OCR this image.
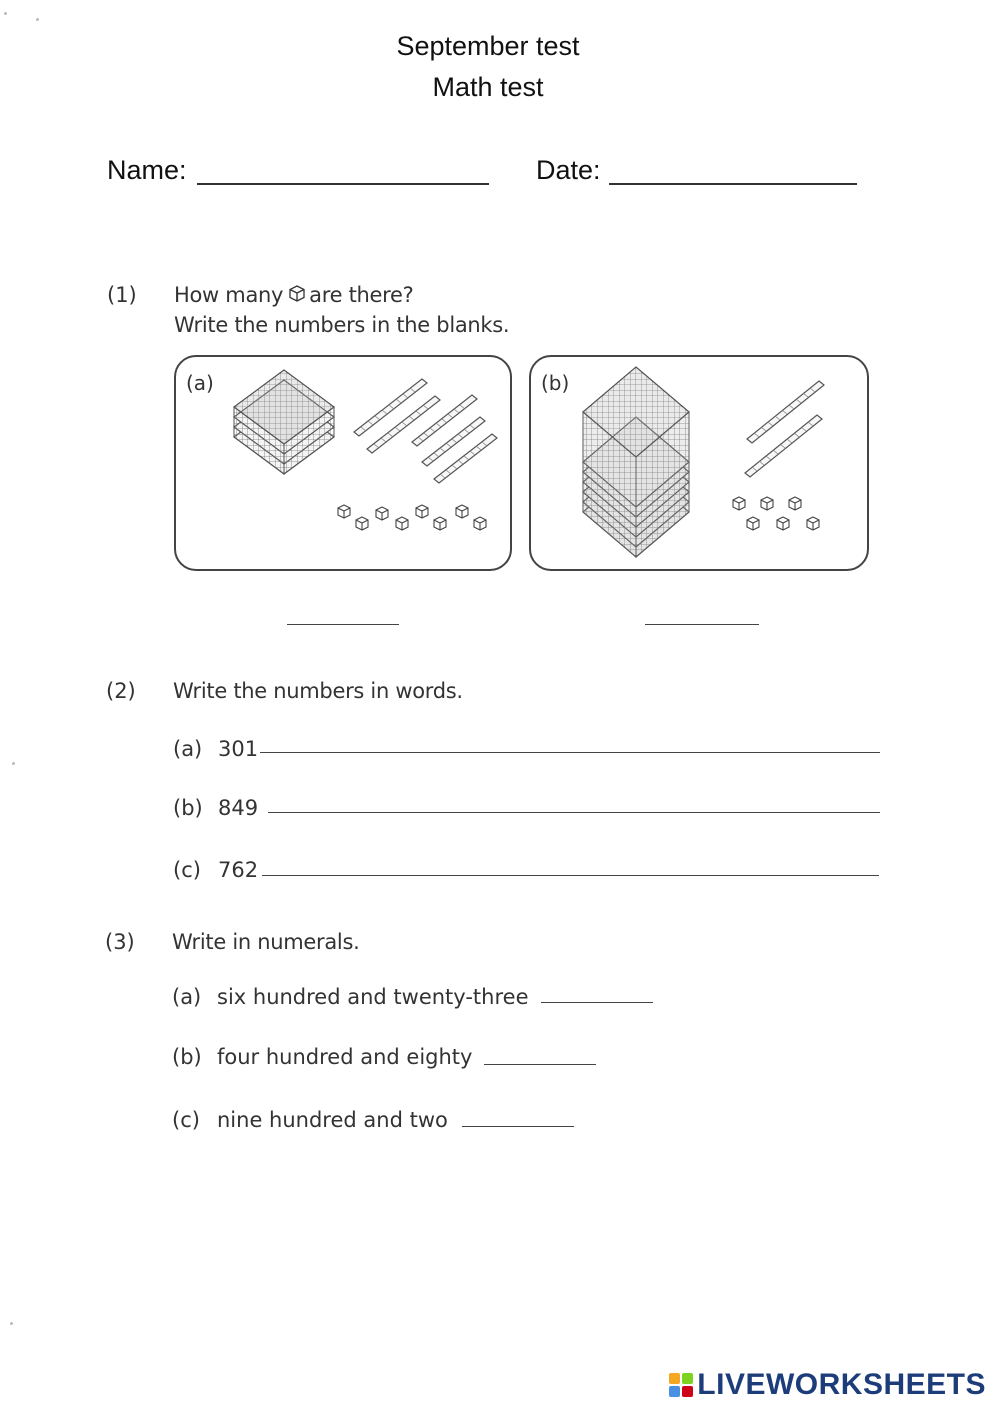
September test
Math test
Name:	Date:
(1) How many are there?
Write the numbers in the blanks.
(a)	(b)
(2) Write the numbers in words.
(a) 301
(b) 849
(c) 762
(3) Write in numerals.
(a) six hundred and twenty-three
(b) four hundred and eighty
(c) nine hundred and two
LIVEWORKSHEETS
